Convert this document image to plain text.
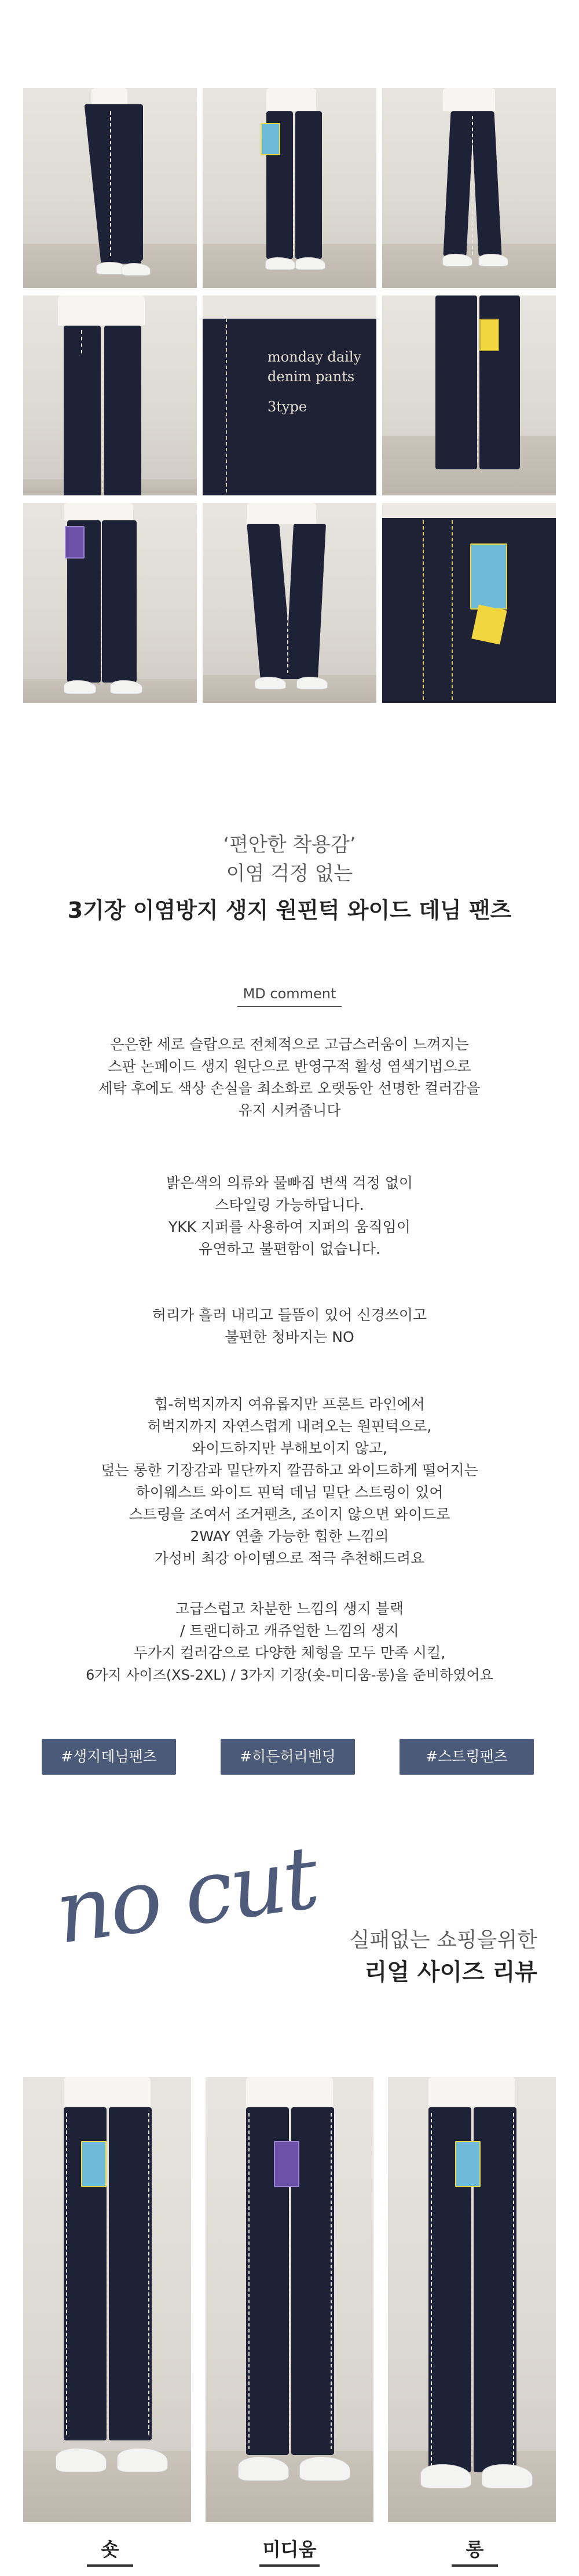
monday daily
denim pants
3type
‘편안한 착용감’
이염 걱정 없는
3기장 이염방지 생지 원핀턱 와이드 데님 팬츠
MD comment
은은한 세로 슬랍으로 전체적으로 고급스러움이 느껴지는
스판 논페이드 생지 원단으로 반영구적 활성 염색기법으로
세탁 후에도 색상 손실을 최소화로 오랫동안 선명한 컬러감을
유지 시켜줍니다
밝은색의 의류와 물빠짐 변색 걱정 없이
스타일링 가능하답니다.
YKK 지퍼를 사용하여 지퍼의 움직임이
유연하고 불편함이 없습니다.
허리가 흘러 내리고 들뜸이 있어 신경쓰이고
불편한 청바지는 NO
힙-허벅지까지 여유롭지만 프론트 라인에서
허벅지까지 자연스럽게 내려오는 원핀턱으로,
와이드하지만 부해보이지 않고,
덮는 롱한 기장감과 밑단까지 깔끔하고 와이드하게 떨어지는
하이웨스트 와이드 핀턱 데님 밑단 스트링이 있어
스트링을 조여서 조거팬츠, 조이지 않으면 와이드로
2WAY 연출 가능한 힙한 느낌의
가성비 최강 아이템으로 적극 추천해드려요
고급스럽고 차분한 느낌의 생지 블랙
/ 트랜디하고 캐쥬얼한 느낌의 생지
두가지 컬러감으로 다양한 체형을 모두 만족 시킬,
6가지 사이즈(XS-2XL) / 3가지 기장(숏-미디움-롱)을 준비하였어요
#생지데님팬츠	#히든허리밴딩	#스트링팬츠
no cut 실패없는 쇼핑을위한
리얼 사이즈 리뷰
숏	미디움	롱
